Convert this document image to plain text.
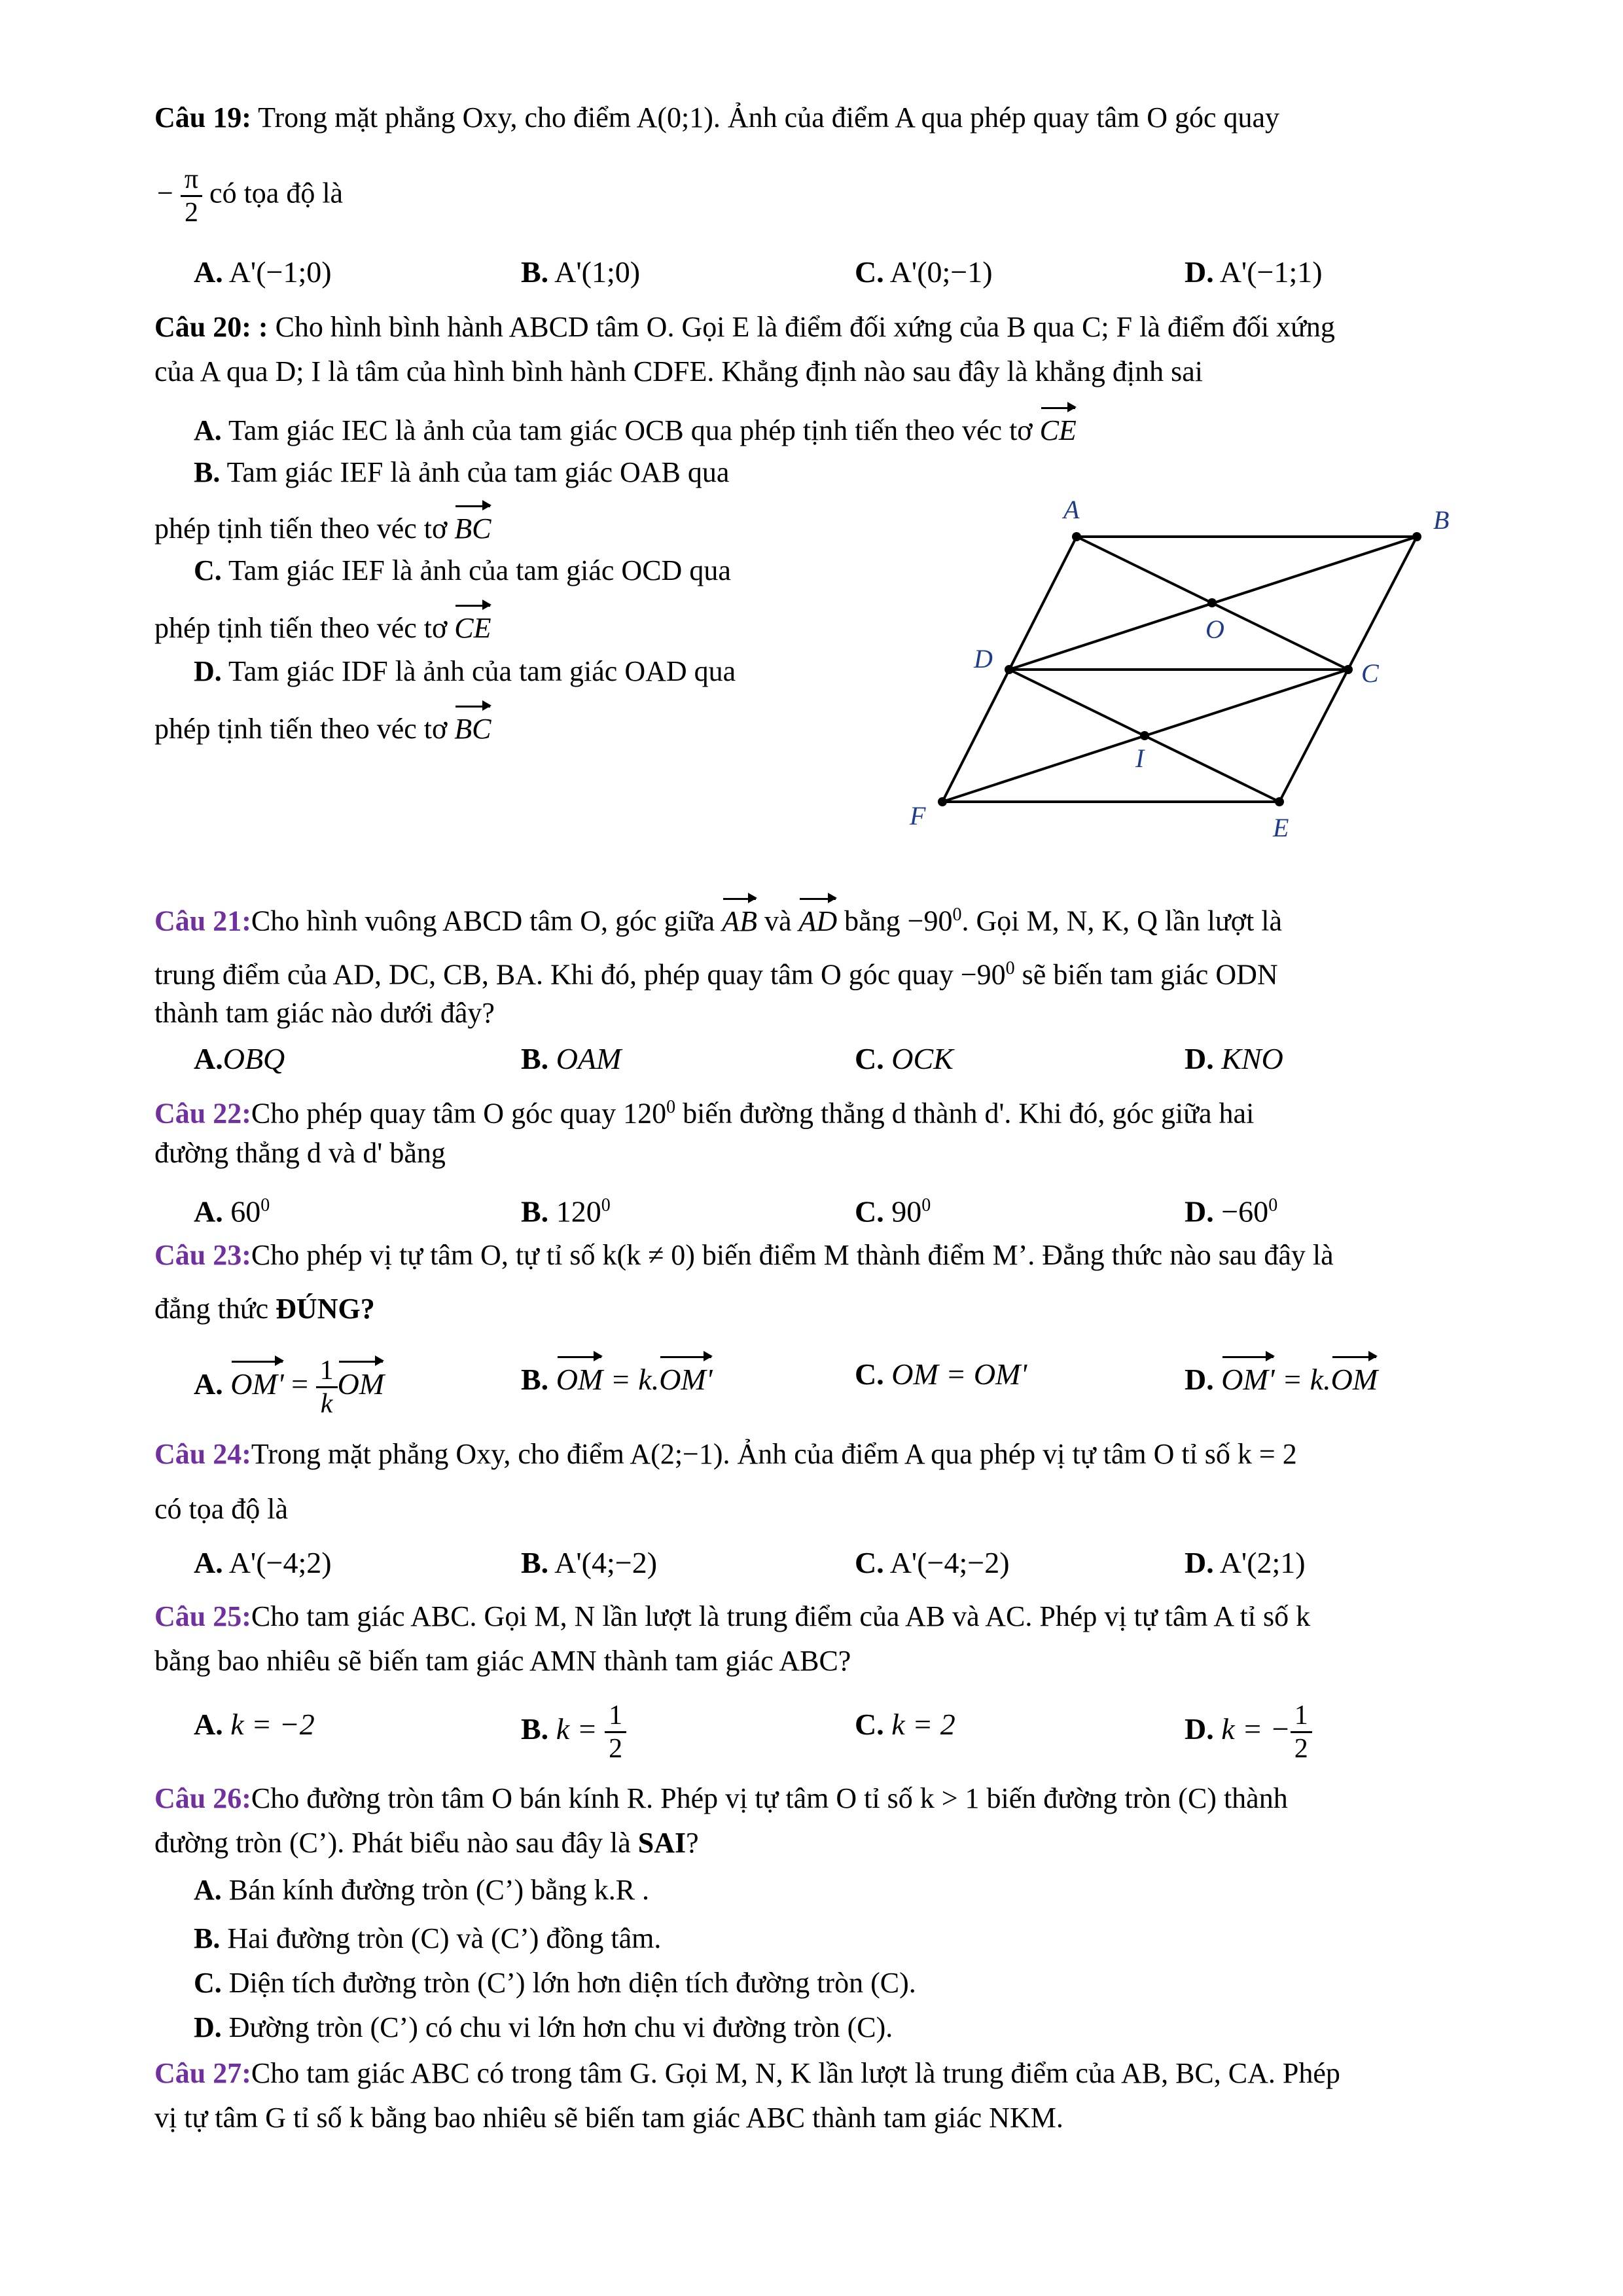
Câu 19: Trong mặt phẳng Oxy, cho điểm A(0;1). Ảnh của điểm A qua phép quay tâm O góc quay
− $\frac{\pi}{2}$ có tọa độ là
A. A'(−1;0)	B. A'(1;0)	C. A'(0;−1)	D. A'(−1;1)
Câu 20: : Cho hình bình hành ABCD tâm O. Gọi E là điểm đối xứng của B qua C; F là điểm đối xứng
của A qua D; I là tâm của hình bình hành CDFE. Khẳng định nào sau đây là khẳng định sai
A. Tam giác IEC là ảnh của tam giác OCB qua phép tịnh tiến theo véc tơ CE
B. Tam giác IEF là ảnh của tam giác OAB qua
phép tịnh tiến theo véc tơ BC
C. Tam giác IEF là ảnh của tam giác OCD qua
phép tịnh tiến theo véc tơ CE
D. Tam giác IDF là ảnh của tam giác OAD qua
phép tịnh tiến theo véc tơ BC
A	B
D	C
O
I
F	E
Câu 21:Cho hình vuông ABCD tâm O, góc giữa AB và AD bằng $-90^0$. Gọi M, N, K, Q lần lượt là
trung điểm của AD, DC, CB, BA. Khi đó, phép quay tâm O góc quay $-90^0$ sẽ biến tam giác ODN
thành tam giác nào dưới đây?
A.OBQ	B. OAM	C. OCK	D. KNO
Câu 22:Cho phép quay tâm O góc quay $120^0$ biến đường thẳng d thành d'. Khi đó, góc giữa hai
đường thẳng d và d' bằng
A. $60^0$	B. $120^0$	C. $90^0$	D. $-60^0$
Câu 23:Cho phép vị tự tâm O, tự tỉ số k(k ≠ 0) biến điểm M thành điểm M’. Đẳng thức nào sau đây là
đẳng thức ĐÚNG?
A. $OM' = \frac{1}{k}$ OM	B. OM = k.OM'	C. OM = OM'	D. OM' = k.OM
Câu 24:Trong mặt phẳng Oxy, cho điểm A(2;−1). Ảnh của điểm A qua phép vị tự tâm O tỉ số k = 2
có tọa độ là
A. A'(−4;2)	B. A'(4;−2)	C. A'(−4;−2)	D. A'(2;1)
Câu 25:Cho tam giác ABC. Gọi M, N lần lượt là trung điểm của AB và AC. Phép vị tự tâm A tỉ số k
bằng bao nhiêu sẽ biến tam giác AMN thành tam giác ABC?
A. k = −2	B. $k = \frac{1}{2}$	C. k = 2	D. k = − $\frac{1}{2}$
Câu 26:Cho đường tròn tâm O bán kính R. Phép vị tự tâm O tỉ số k > 1 biến đường tròn (C) thành
đường tròn (C’). Phát biểu nào sau đây là SAI?
A. Bán kính đường tròn (C’) bằng k.R .
B. Hai đường tròn (C) và (C’) đồng tâm.
C. Diện tích đường tròn (C’) lớn hơn diện tích đường tròn (C).
D. Đường tròn (C’) có chu vi lớn hơn chu vi đường tròn (C).
Câu 27:Cho tam giác ABC có trong tâm G. Gọi M, N, K lần lượt là trung điểm của AB, BC, CA. Phép
vị tự tâm G tỉ số k bằng bao nhiêu sẽ biến tam giác ABC thành tam giác NKM.
